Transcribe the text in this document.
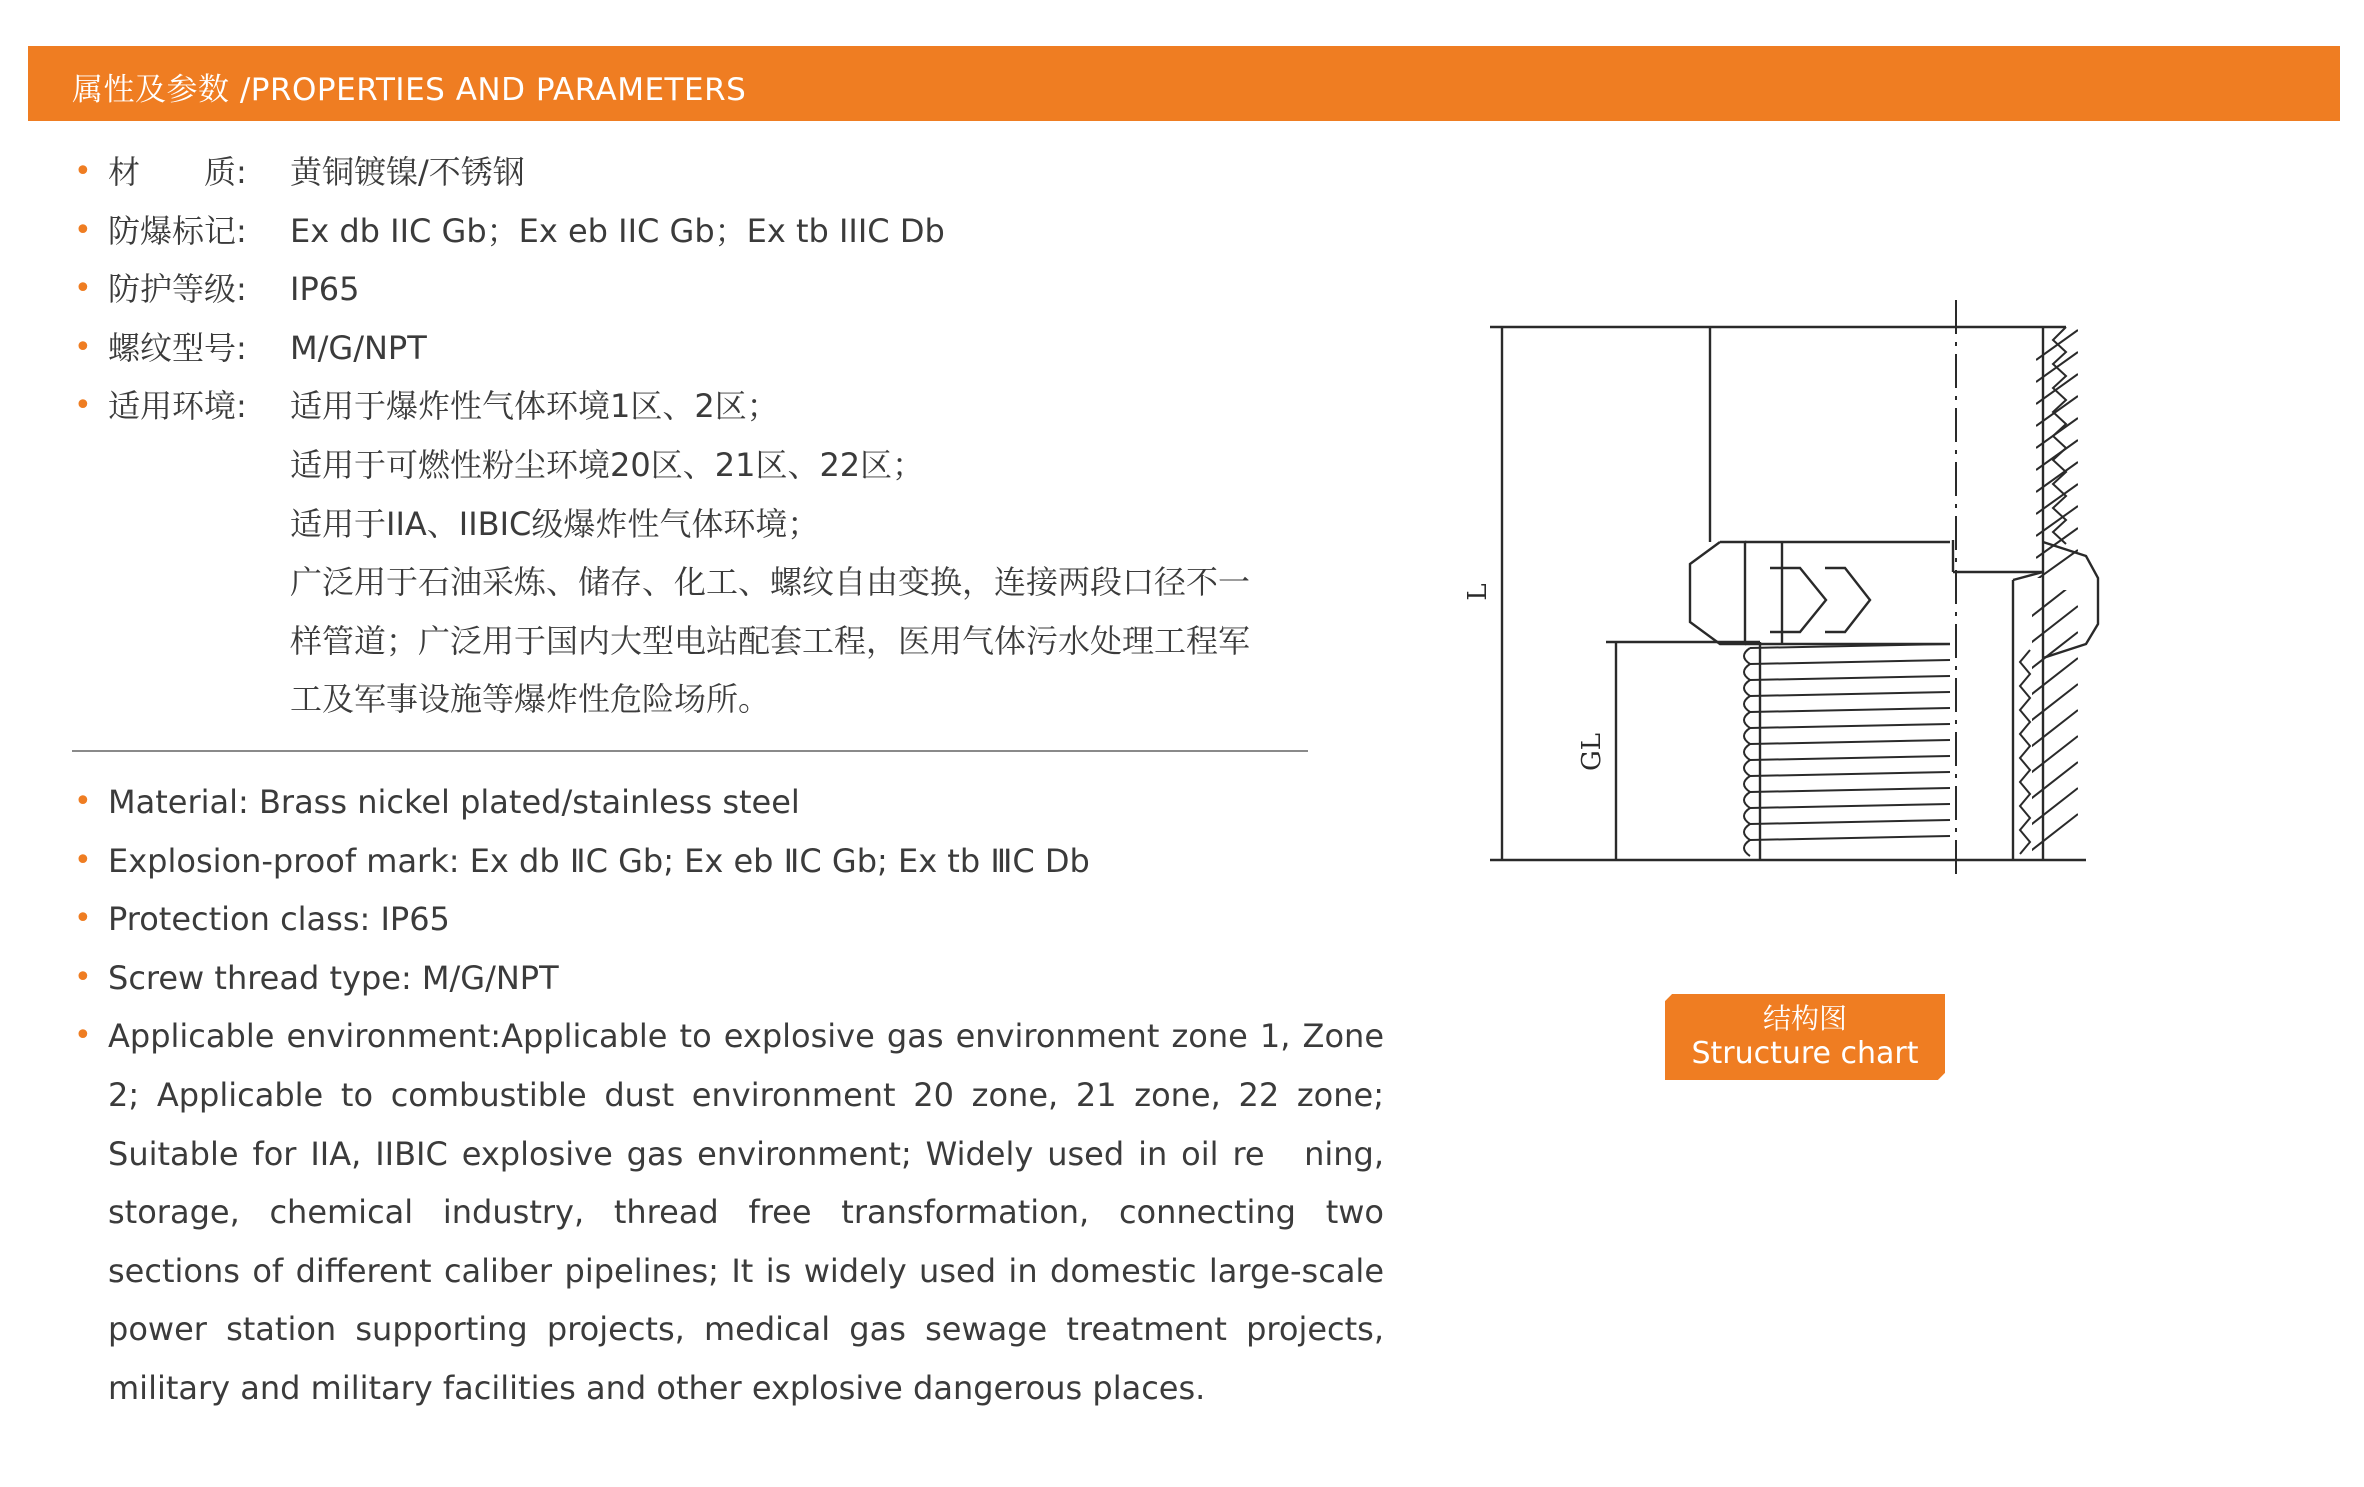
属性及参数 /PROPERTIES AND PARAMETERS
• 材　　质:	黄铜镀镍/不锈钢
• 防爆标记:	Ex db IIC Gb；Ex eb IIC Gb；Ex tb IIIC Db
• 防护等级:	IP65
• 螺纹型号:	M/G/NPT
• 适用环境:	适用于爆炸性气体环境1区、2区；
适用于可燃性粉尘环境20区、21区、22区；
适用于IIA、IIBIC级爆炸性气体环境；
广泛用于石油采炼、储存、化工、螺纹自由变换，连接两段口径不一
样管道；广泛用于国内大型电站配套工程，医用气体污水处理工程军
工及军事设施等爆炸性危险场所。
• Material: Brass nickel plated/stainless steel
• Explosion-proof mark: Ex db ⅡC Gb; Ex eb ⅡC Gb; Ex tb ⅢC Db
• Protection class: IP65
• Screw thread type: M/G/NPT
• Applicable environment:Applicable to explosive gas environment zone 1, Zone 2; Applicable to combustible dust environment 20 zone, 21 zone, 22 zone; Suitable for IIA, IIBIC explosive gas environment; Widely used in oil re　ning, storage, chemical industry, thread free transformation, connecting two sections of different caliber pipelines; It is widely used in domestic large-scale power station supporting projects, medical gas sewage treatment projects, military and military facilities and other explosive dangerous places.
L
GL
结构图
Structure chart
